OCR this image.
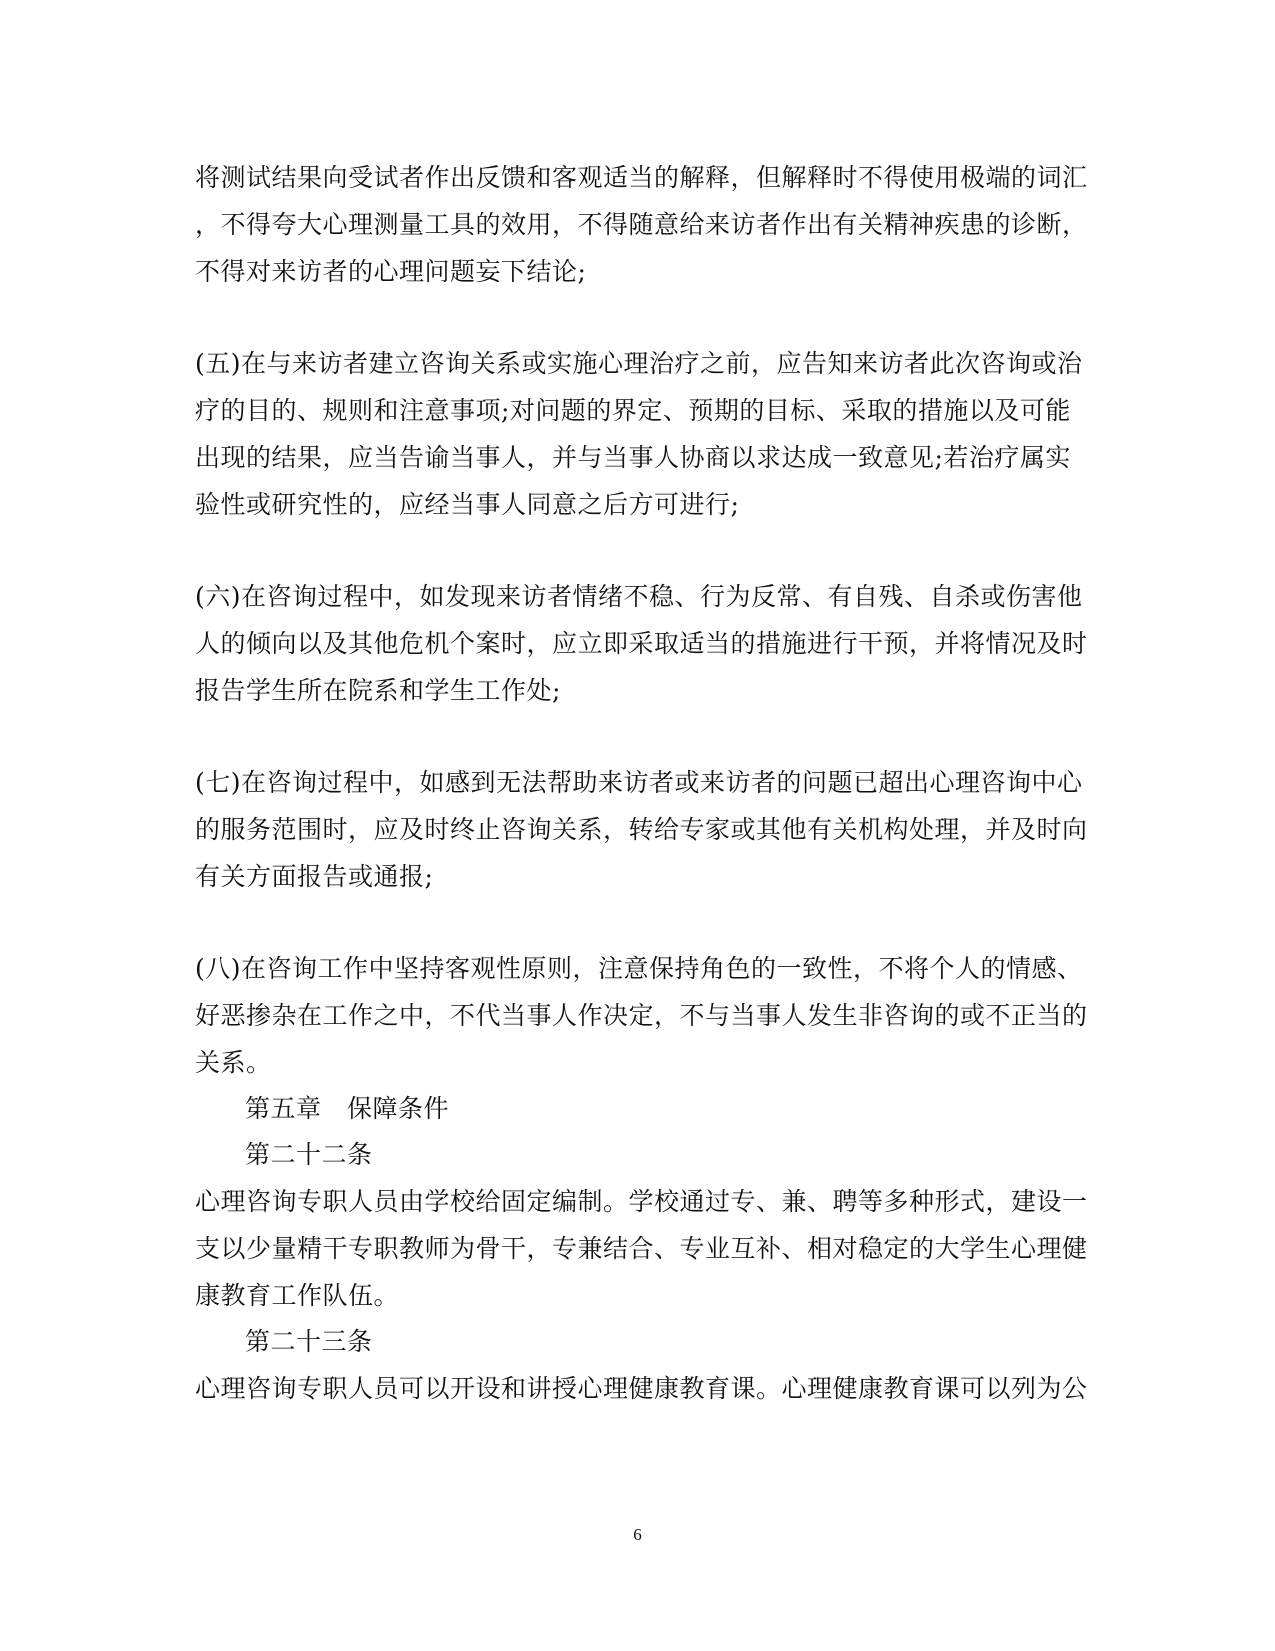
将测试结果向受试者作出反馈和客观适当的解释，但解释时不得使用极端的词汇
，不得夸大心理测量工具的效用，不得随意给来访者作出有关精神疾患的诊断，
不得对来访者的心理问题妄下结论;
(五)在与来访者建立咨询关系或实施心理治疗之前，应告知来访者此次咨询或治
疗的目的、规则和注意事项;对问题的界定、预期的目标、采取的措施以及可能
出现的结果，应当告谕当事人，并与当事人协商以求达成一致意见;若治疗属实
验性或研究性的，应经当事人同意之后方可进行;
(六)在咨询过程中，如发现来访者情绪不稳、行为反常、有自残、自杀或伤害他
人的倾向以及其他危机个案时，应立即采取适当的措施进行干预，并将情况及时
报告学生所在院系和学生工作处;
(七)在咨询过程中，如感到无法帮助来访者或来访者的问题已超出心理咨询中心
的服务范围时，应及时终止咨询关系，转给专家或其他有关机构处理，并及时向
有关方面报告或通报;
(八)在咨询工作中坚持客观性原则，注意保持角色的一致性，不将个人的情感、
好恶掺杂在工作之中，不代当事人作决定，不与当事人发生非咨询的或不正当的
关系。
第五章　保障条件
第二十二条
心理咨询专职人员由学校给固定编制。学校通过专、兼、聘等多种形式，建设一
支以少量精干专职教师为骨干，专兼结合、专业互补、相对稳定的大学生心理健
康教育工作队伍。
第二十三条
心理咨询专职人员可以开设和讲授心理健康教育课。心理健康教育课可以列为公
6
